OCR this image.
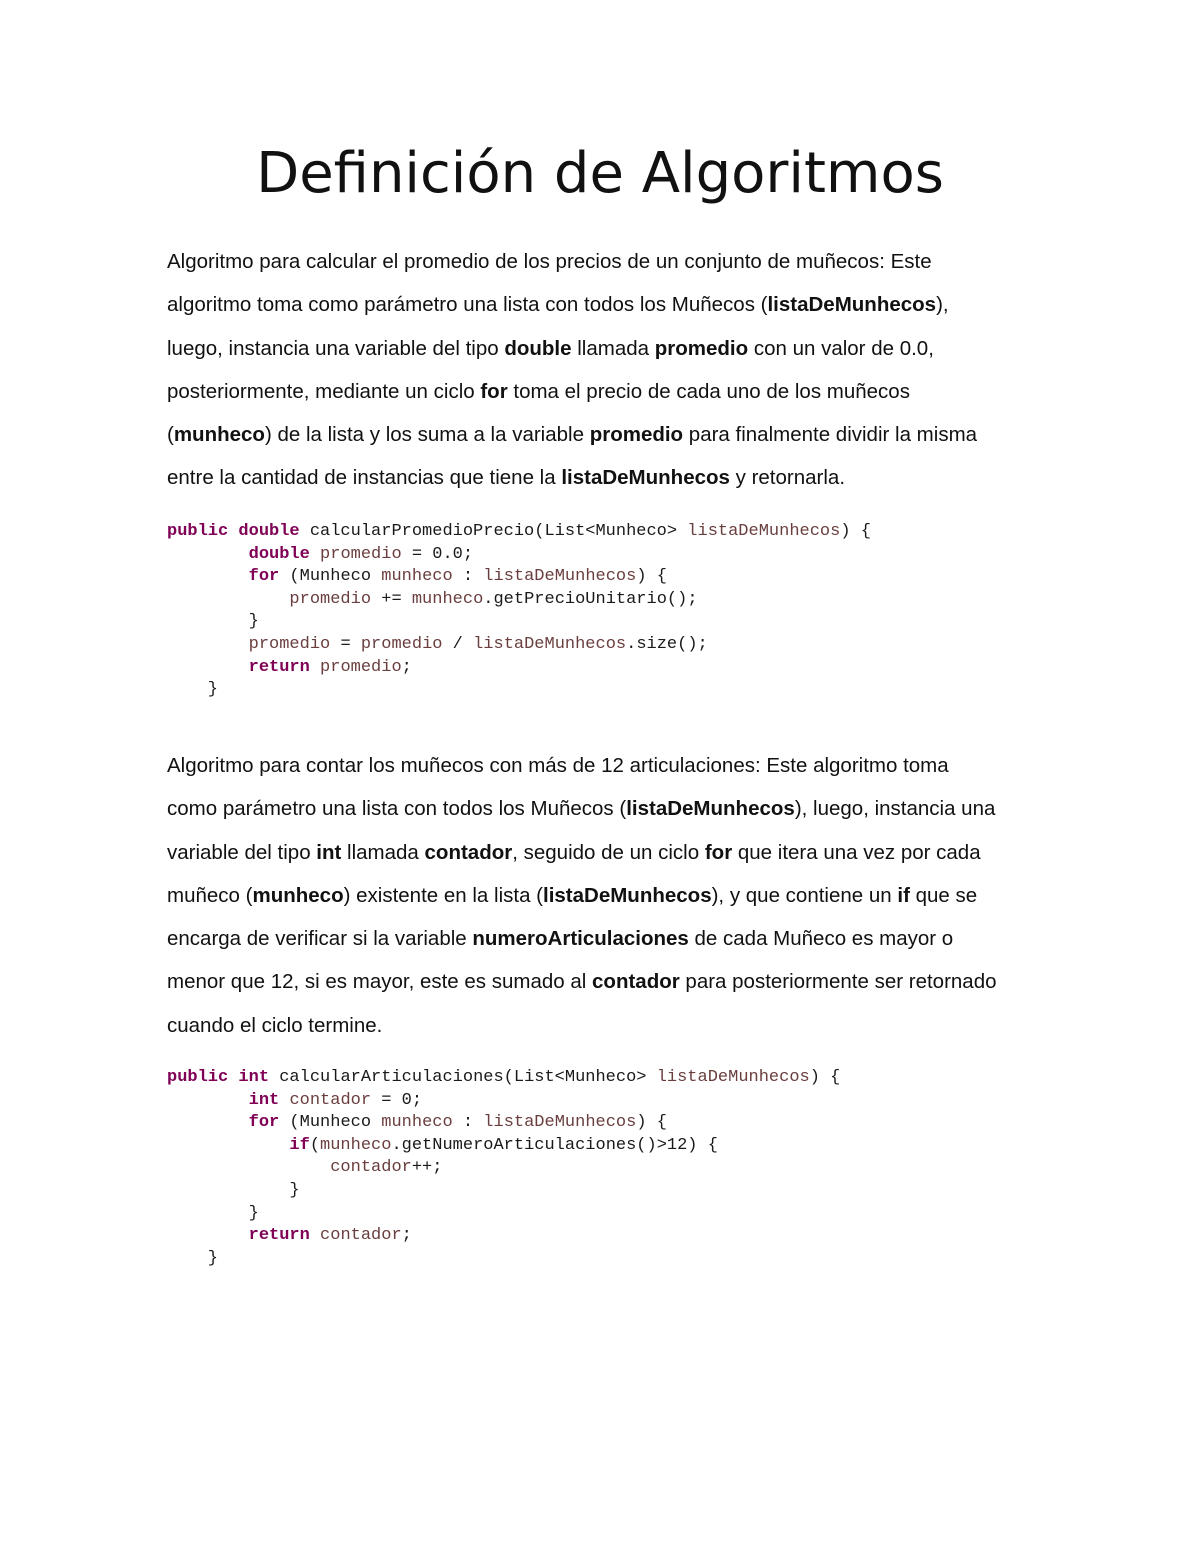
Definición de Algoritmos
Algoritmo para calcular el promedio de los precios de un conjunto de muñecos: Este
algoritmo toma como parámetro una lista con todos los Muñecos (listaDeMunhecos),
luego, instancia una variable del tipo double llamada promedio con un valor de 0.0,
posteriormente, mediante un ciclo for toma el precio de cada uno de los muñecos
(munheco) de la lista y los suma a la variable promedio para finalmente dividir la misma
entre la cantidad de instancias que tiene la listaDeMunhecos y retornarla.
public double calcularPromedioPrecio(List<Munheco> listaDeMunhecos) {
double promedio = 0.0;
for (Munheco munheco : listaDeMunhecos) {
promedio += munheco.getPrecioUnitario();
}
promedio = promedio / listaDeMunhecos.size();
return promedio;
}
Algoritmo para contar los muñecos con más de 12 articulaciones: Este algoritmo toma
como parámetro una lista con todos los Muñecos (listaDeMunhecos), luego, instancia una
variable del tipo int llamada contador, seguido de un ciclo for que itera una vez por cada
muñeco (munheco) existente en la lista (listaDeMunhecos), y que contiene un if que se
encarga de verificar si la variable numeroArticulaciones de cada Muñeco es mayor o
menor que 12, si es mayor, este es sumado al contador para posteriormente ser retornado
cuando el ciclo termine.
public int calcularArticulaciones(List<Munheco> listaDeMunhecos) {
int contador = 0;
for (Munheco munheco : listaDeMunhecos) {
if(munheco.getNumeroArticulaciones()>12) {
contador++;
}
}
return contador;
}
